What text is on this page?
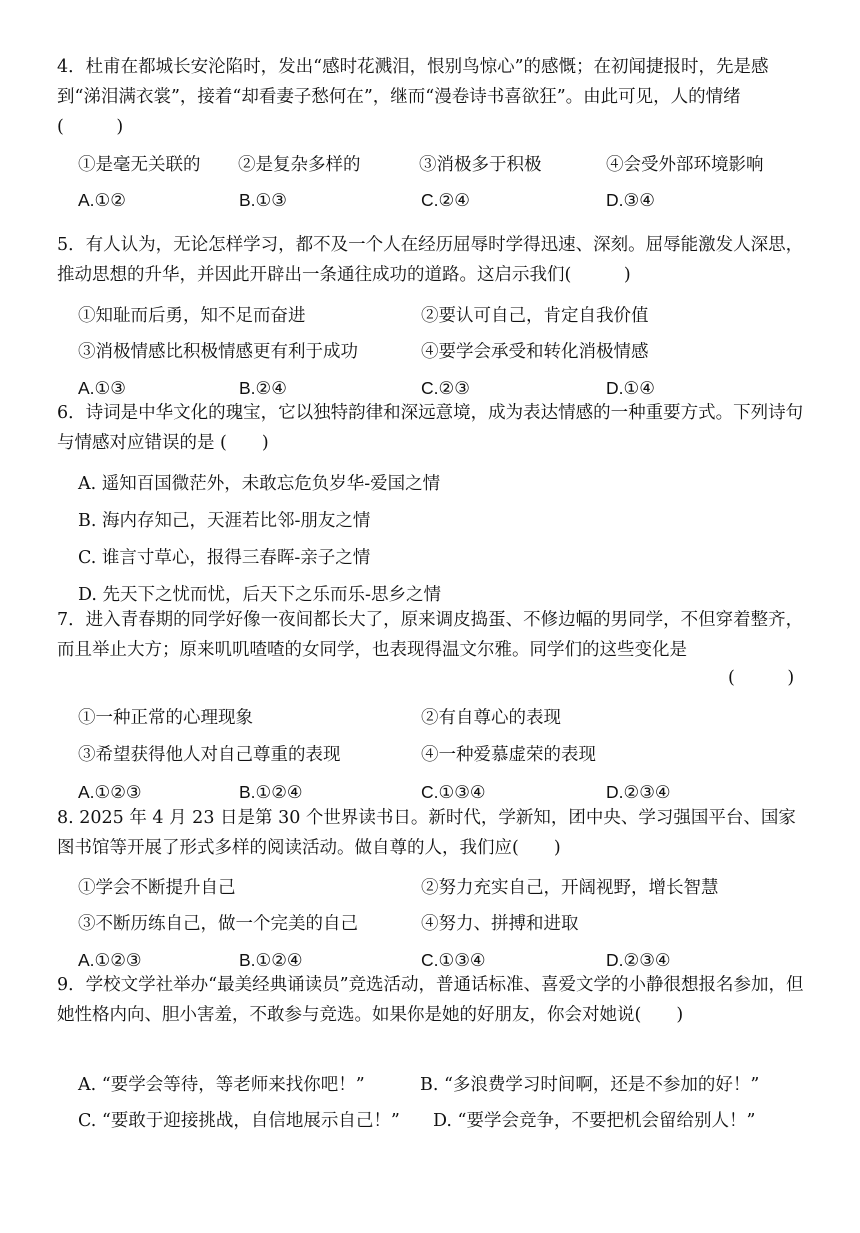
4．杜甫在都城长安沦陷时，发出“感时花溅泪，恨别鸟惊心”的感慨；在初闻捷报时，先是感到“涕泪满衣裳”，接着“却看妻子愁何在”，继而“漫卷诗书喜欲狂”。由此可见，人的情绪(　　　)

①是毫无关联的 ②是复杂多样的	③消极多于积极	④会受外部环境影响
A.①②	B.①③	C.②④	D.③④

5．有人认为，无论怎样学习，都不及一个人在经历屈辱时学得迅速、深刻。屈辱能激发人深思，推动思想的升华，并因此开辟出一条通往成功的道路。这启示我们(　　　)

①知耻而后勇，知不足而奋进	②要认可自己，肯定自我价值
③消极情感比积极情感更有利于成功	④要学会承受和转化消极情感
A.①③	B.②④	C.②③	D.①④

6．诗词是中华文化的瑰宝，它以独特韵律和深远意境，成为表达情感的一种重要方式。下列诗句与情感对应错误的是 (　　)

A. 遥知百国微茫外，未敢忘危负岁华-爱国之情
B. 海内存知己，天涯若比邻-朋友之情
C. 谁言寸草心，报得三春晖-亲子之情
D. 先天下之忧而忧，后天下之乐而乐-思乡之情

7．进入青春期的同学好像一夜间都长大了，原来调皮捣蛋、不修边幅的男同学，不但穿着整齐，而且举止大方；原来叽叽喳喳的女同学，也表现得温文尔雅。同学们的这些变化是

(　　　)
①一种正常的心理现象	②有自尊心的表现
③希望获得他人对自己尊重的表现	④一种爱慕虚荣的表现
A.①②③	B.①②④	C.①③④	D.②③④

8. 2025 年 4 月 23 日是第 30 个世界读书日。新时代，学新知，团中央、学习强国平台、国家图书馆等开展了形式多样的阅读活动。做自尊的人，我们应(　　)

①学会不断提升自己	②努力充实自己，开阔视野，增长智慧
③不断历练自己，做一个完美的自己	④努力、拼搏和进取
A.①②③	B.①②④	C.①③④	D.②③④

9．学校文学社举办“最美经典诵读员”竞选活动，普通话标准、喜爱文学的小静很想报名参加，但她性格内向、胆小害羞，不敢参与竞选。如果你是她的好朋友，你会对她说(　　)

A. “要学会等待，等老师来找你吧！”	B. “多浪费学习时间啊，还是不参加的好！”
C. “要敢于迎接挑战，自信地展示自己！” D. “要学会竞争，不要把机会留给别人！”
